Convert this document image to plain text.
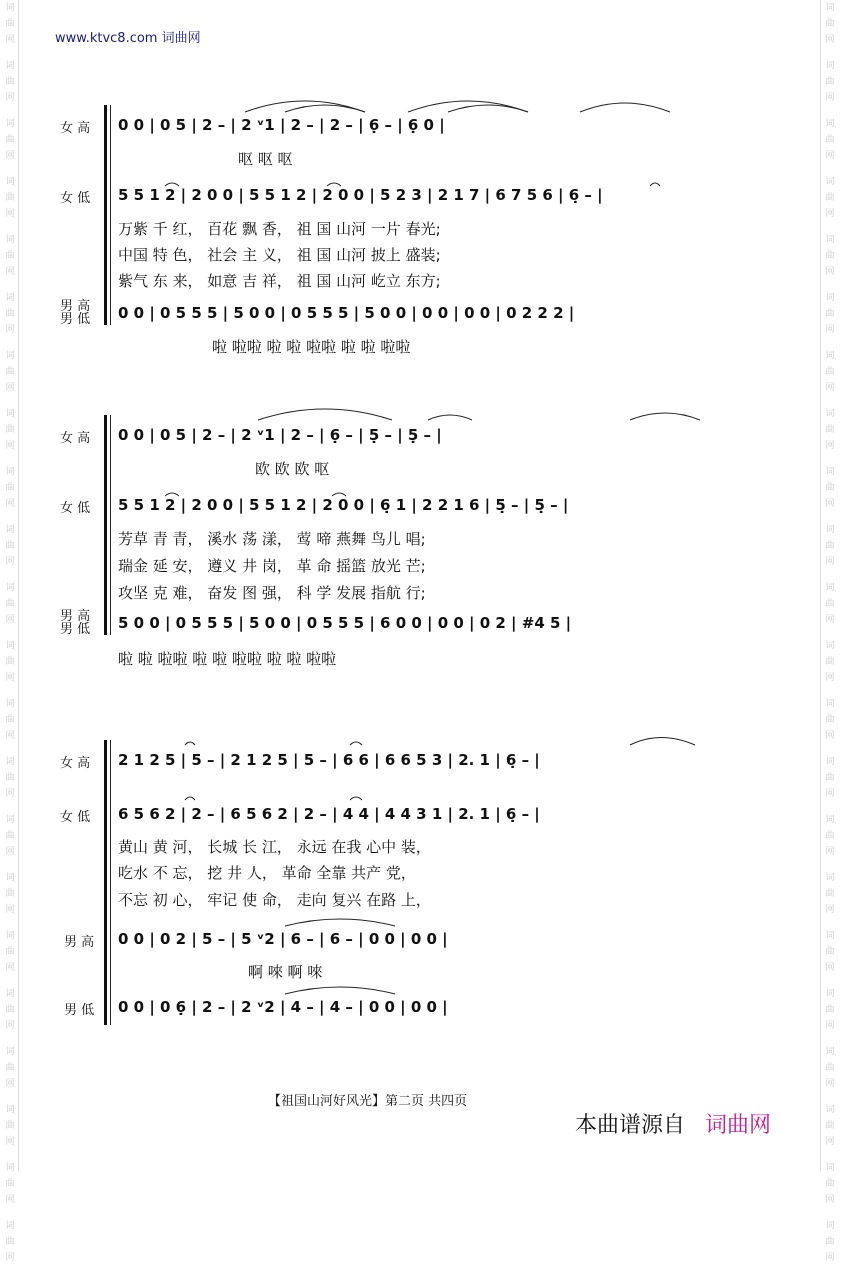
词
曲
网
词
曲
网
词
曲
网
词
曲
网
词
曲
网
词
曲
网
词
曲
网
词
曲
网
词
曲
网
词
曲
网
词
曲
网
词
曲
网
词
曲
网
词
曲
网
词
曲
网
词
曲
网
词
曲
网
词
曲
网
词
曲
网
词
曲
网
词
曲
网
词
曲
网
词
曲
网
词
曲
网
词
曲
网
词
曲
网
词
曲
网
词
曲
网
词
曲
网
词
曲
网
词
曲
网
词
曲
网
词
曲
网
词
曲
网
词
曲
网
词
曲
网
词
曲
网
词
曲
网
词
曲
网
词
曲
网
词
曲
网
词
曲
网
词
曲
网
词
曲
网
www.ktvc8.com 词曲网
女 高 0 0 | 0 5 | 2 – | 2 ᵛ1 | 2 – | 2 – | 6̣ – | 6̣ 0 |
呕 呕 呕
女 低 5 5 1 2 | 2 0 0 | 5 5 1 2 | 2 0 0 | 5 2 3 | 2 1 7 | 6 7 5 6 | 6̣ – |
万紫 千 红， 百花 飘 香， 祖 国 山河 一片 春光;
中国 特 色， 社会 主 义， 祖 国 山河 披上 盛装;
紫气 东 来， 如意 吉 祥， 祖 国 山河 屹立 东方;
男 高
男 低 0 0 | 0 5 5 5 | 5 0 0 | 0 5 5 5 | 5 0 0 | 0 0 | 0 0 | 0 2 2 2 |
啦 啦啦 啦 啦 啦啦 啦 啦 啦啦
女 高 0 0 | 0 5 | 2 – | 2 ᵛ1 | 2 – | 6̣ – | 5̣ – | 5̣ – |
欧 欧 欧 呕
女 低 5 5 1 2 | 2 0 0 | 5 5 1 2 | 2 0 0 | 6̣ 1 | 2 2 1 6 | 5̣ – | 5̣ – |
芳草 青 青， 溪水 荡 漾， 莺 啼 燕舞 鸟儿 唱;
瑞金 延 安， 遵义 井 岗， 革 命 摇篮 放光 芒;
攻坚 克 难， 奋发 图 强， 科 学 发展 指航 行;
男 高
男 低 5 0 0 | 0 5 5 5 | 5 0 0 | 0 5 5 5 | 6 0 0 | 0 0 | 0 2 | #4 5 |
啦 啦 啦啦 啦 啦 啦啦 啦 啦 啦啦
女 高 2 1 2 5 | 5 – | 2 1 2 5 | 5 – | 6 6 | 6 6 5 3 | 2. 1 | 6̣ – |
女 低 6 5 6 2 | 2 – | 6 5 6 2 | 2 – | 4 4 | 4 4 3 1 | 2. 1 | 6̣ – |
黄山 黄 河， 长城 长 江， 永远 在我 心中 装，
吃水 不 忘， 挖 井 人， 革命 全靠 共产 党，
不忘 初 心， 牢记 使 命， 走向 复兴 在路 上，
男 高 0 0 | 0 2 | 5 – | 5 ᵛ2 | 6 – | 6 – | 0 0 | 0 0 |
啊 唻 啊 唻
男 低 0 0 | 0 6̣ | 2 – | 2 ᵛ2 | 4 – | 4 – | 0 0 | 0 0 |
【祖国山河好风光】第二页 共四页
本曲谱源自 词曲网
